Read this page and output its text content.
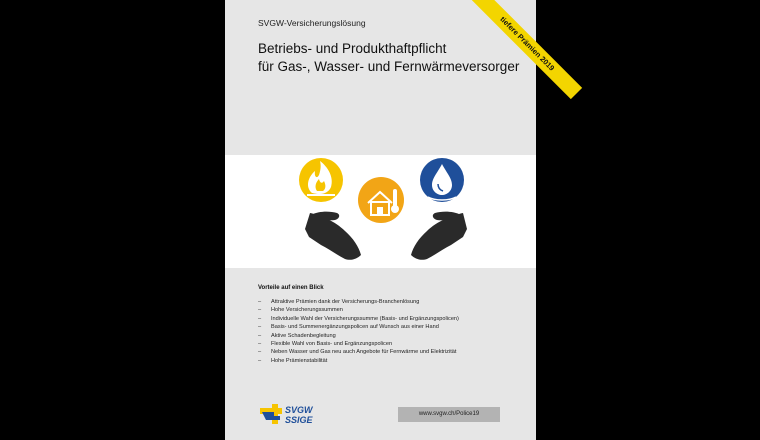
SVGW-Versicherungslösung
Betriebs- und Produkthaftpflicht
für Gas-, Wasser- und Fernwärmeversorger
tiefere Prämien 2019
Vorteile auf einen Blick
– Attraktive Prämien dank der Versicherungs-Branchenlösung
– Hohe Versicherungssummen
– Individuelle Wahl der Versicherungssumme (Basis- und Ergänzungspolicen)
– Basis- und Summenergänzungspolicen auf Wunsch aus einer Hand
– Aktive Schadenbegleitung
– Flexible Wahl von Basis- und Ergänzungspolicen
– Neben Wasser und Gas neu auch Angebote für Fernwärme und Elektrizität
– Hohe Prämienstabilität
SVGW
SSIGE
www.svgw.ch/Police19
